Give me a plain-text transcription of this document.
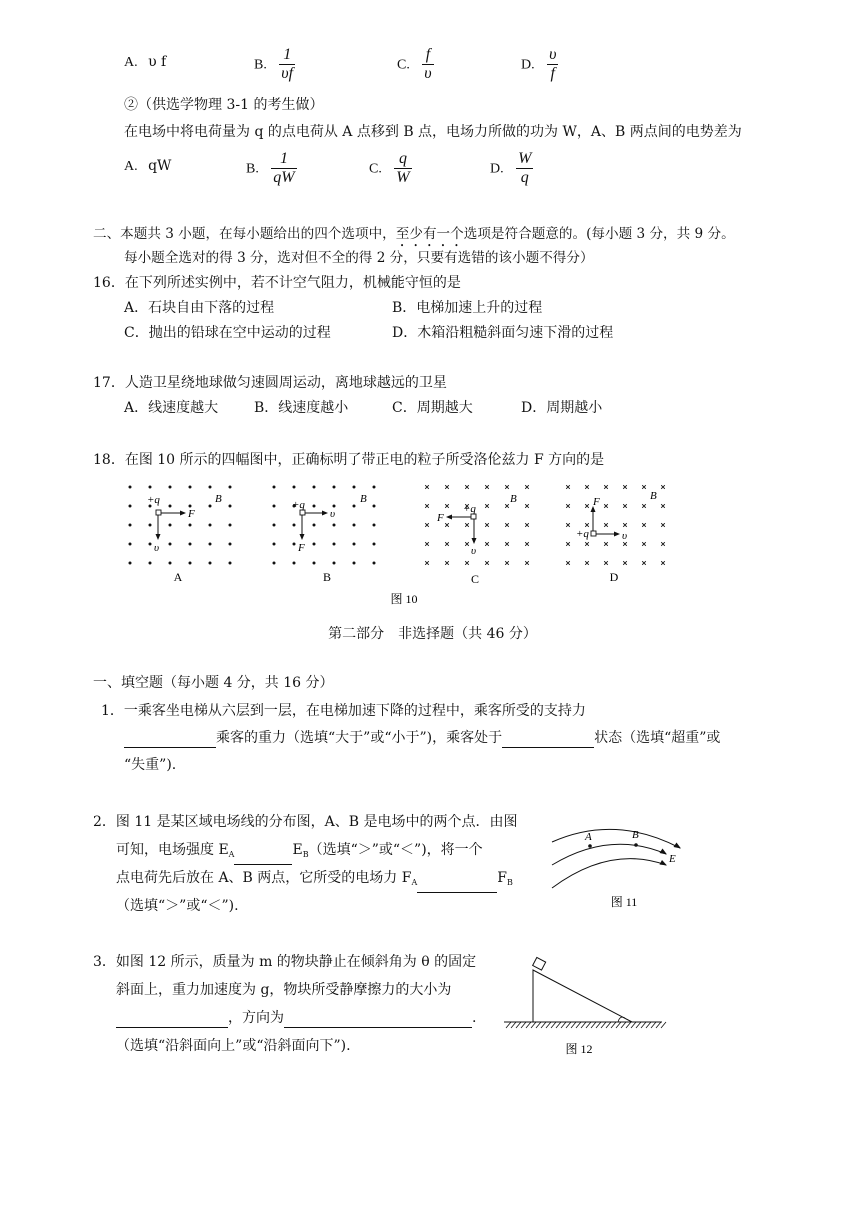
A. υ f	B. $\frac{1}{\upsilon f}$	C. $\frac{f}{\upsilon}$	D. $\frac{\upsilon}{f}$
②（供选学物理 3-1 的考生做）
在电场中将电荷量为 q 的点电荷从 A 点移到 B 点，电场力所做的功为 W，A、B 两点间的电势差为
A. qW	B. $\frac{1}{qW}$	C. $\frac{q}{W}$	D. $\frac{W}{q}$
二、本题共 3 小题，在每小题给出的四个选项中，至少有一个选项是符合题意的。(每小题 3 分，共 9 分。
每小题全选对的得 3 分，选对但不全的得 2 分，只要有选错的该小题不得分）
16．在下列所述实例中，若不计空气阻力，机械能守恒的是
A．石块自由下落的过程	B．电梯加速上升的过程
C．抛出的铅球在空中运动的过程	D．木箱沿粗糙斜面匀速下滑的过程
17．人造卫星绕地球做匀速圆周运动，离地球越远的卫星
A．线速度越大	B．线速度越小	C．周期越大	D．周期越小
18．在图 10 所示的四幅图中，正确标明了带正电的粒子所受洛伦兹力 F 方向的是
+q
F
υ
B
A
+q
υ
F
B
B
+q
F
υ
B
C
+q	υ
F	B
D
图 10
第二部分　非选择题（共 46 分）
一、填空题（每小题 4 分，共 16 分）
1．一乘客坐电梯从六层到一层，在电梯加速下降的过程中，乘客所受的支持力
乘客的重力（选填“大于”或“小于”)，乘客处于	状态（选填“超重”或
“失重”).
2．图 11 是某区域电场线的分布图，A、B 是电场中的两个点．由图
可知，电场强度 $E_A$	$E_B$（选填“＞”或“＜”)，将一个
点电荷先后放在 A、B 两点，它所受的电场力 $F_A$	$F_B$
（选填“＞”或“＜”).
A	B
E
图 11
3．如图 12 所示，质量为 m 的物块静止在倾斜角为 θ 的固定
斜面上，重力加速度为 g，物块所受静摩擦力的大小为
，方向为	.
（选填“沿斜面向上”或“沿斜面向下”).	图 12
